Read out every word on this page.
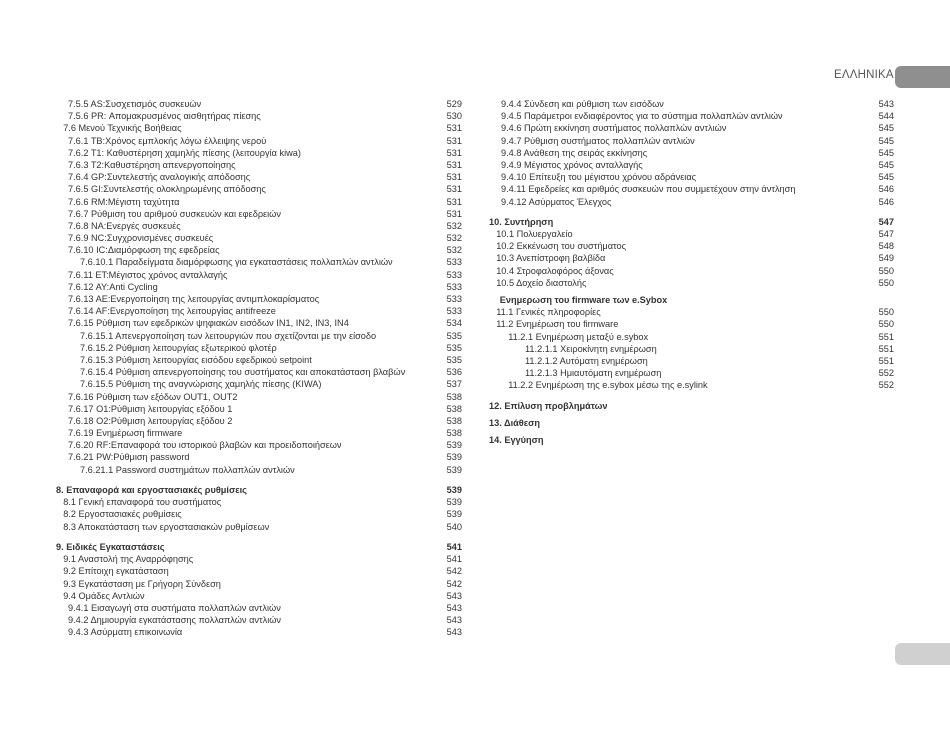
ΕΛΛΗΝΙΚΑ
7.5.5 AS:Συσχετισμός συσκευών	529
7.5.6 PR: Απομακρυσμένος αισθητήρας πίεσης	530
7.6 Μενού Τεχνικής Βοήθειας	531
7.6.1 TB:Χρόνος εμπλοκής λόγω έλλειψης νερού	531
7.6.2 T1: Καθυστέρηση χαμηλής πίεσης (λειτουργία kiwa)	531
7.6.3 T2:Καθυστέρηση απενεργοποίησης	531
7.6.4 GP:Συντελεστής αναλογικής απόδοσης	531
7.6.5 GI:Συντελεστής ολοκληρωμένης απόδοσης	531
7.6.6 RM:Μέγιστη ταχύτητα	531
7.6.7 Ρύθμιση του αριθμού συσκευών και εφεδρειών	531
7.6.8 NA:Ενεργές συσκευές	532
7.6.9 NC:Συγχρονισμένες συσκευές	532
7.6.10 IC:Διαμόρφωση της εφεδρείας	532
7.6.10.1 Παραδείγματα διαμόρφωσης για εγκαταστάσεις πολλαπλών αντλιών	533
7.6.11 ET:Μέγιστος χρόνος ανταλλαγής	533
7.6.12 AY:Anti Cycling	533
7.6.13 AE:Ενεργοποίηση της λειτουργίας αντιμπλοκαρίσματος	533
7.6.14 AF:Ενεργοποίηση της λειτουργίας antifreeze	533
7.6.15 Ρύθμιση των εφεδρικών ψηφιακών εισόδων IN1, IN2, IN3, IN4	534
7.6.15.1 Απενεργοποίηση των λειτουργιών που σχετίζονται με την είσοδο	535
7.6.15.2 Ρύθμιση λειτουργίας εξωτερικού φλοτέρ	535
7.6.15.3 Ρύθμιση λειτουργίας εισόδου εφεδρικού setpoint	535
7.6.15.4 Ρύθμιση απενεργοποίησης του συστήματος και αποκατάσταση βλαβών	536
7.6.15.5 Ρύθμιση της αναγνώρισης χαμηλής πίεσης (KIWA)	537
7.6.16 Ρύθμιση των εξόδων OUT1, OUT2	538
7.6.17 O1:Ρύθμιση λειτουργίας εξόδου 1	538
7.6.18 O2:Ρύθμιση λειτουργίας εξόδου 2	538
7.6.19 Ενημέρωση firmware	538
7.6.20 RF:Επαναφορά του ιστορικού βλαβών και προειδοποιήσεων	539
7.6.21 PW:Ρύθμιση password	539
7.6.21.1 Password συστημάτων πολλαπλών αντλιών	539
8. Επαναφορά και εργοστασιακές ρυθμίσεις	539
8.1 Γενική επαναφορά του συστήματος	539
8.2 Εργοστασιακές ρυθμίσεις	539
8.3 Αποκατάσταση των εργοστασιακών ρυθμίσεων	540
9. Ειδικές Εγκαταστάσεις	541
9.1 Αναστολή της Αναρρόφησης	541
9.2 Επίτοιχη εγκατάσταση	542
9.3 Εγκατάσταση με Γρήγορη Σύνδεση	542
9.4 Ομάδες Αντλιών	543
9.4.1 Εισαγωγή στα συστήματα πολλαπλών αντλιών	543
9.4.2 Δημιουργία εγκατάστασης πολλαπλών αντλιών	543
9.4.3 Ασύρματη επικοινωνία	543
9.4.4 Σύνδεση και ρύθμιση των εισόδων	543
9.4.5 Παράμετροι ενδιαφέροντος για το σύστημα πολλαπλών αντλιών	544
9.4.6 Πρώτη εκκίνηση συστήματος πολλαπλών αντλιών	545
9.4.7 Ρύθμιση συστήματος πολλαπλών αντλιών	545
9.4.8 Ανάθεση της σειράς εκκίνησης	545
9.4.9 Μέγιστος χρόνος ανταλλαγής	545
9.4.10 Επίτευξη του μέγιστου χρόνου αδράνειας	545
9.4.11 Εφεδρείες και αριθμός συσκευών που συμμετέχουν στην άντληση	546
9.4.12 Ασύρματος Έλεγχος	546
10. Συντήρηση	547
10.1 Πολυεργαλείο	547
10.2 Εκκένωση του συστήματος	548
10.3 Ανεπίστροφη βαλβίδα	549
10.4 Στροφαλοφόρος άξονας	550
10.5 Δοχείο διαστολής	550
Ενημερωση του firmware των e.Sybox
11.1 Γενικές πληροφορίες	550
11.2 Ενημέρωση του firmware	550
11.2.1 Ενημέρωση μεταξύ e.sybox	551
11.2.1.1 Χειροκίνητη ενημέρωση	551
11.2.1.2 Αυτόματη ενημέρωση	551
11.2.1.3 Ημιαυτόματη ενημέρωση	552
11.2.2 Ενημέρωση της e.sybox μέσω της e.sylink	552
12. Επίλυση προβλημάτων
13. Διάθεση
14. Εγγύηση
